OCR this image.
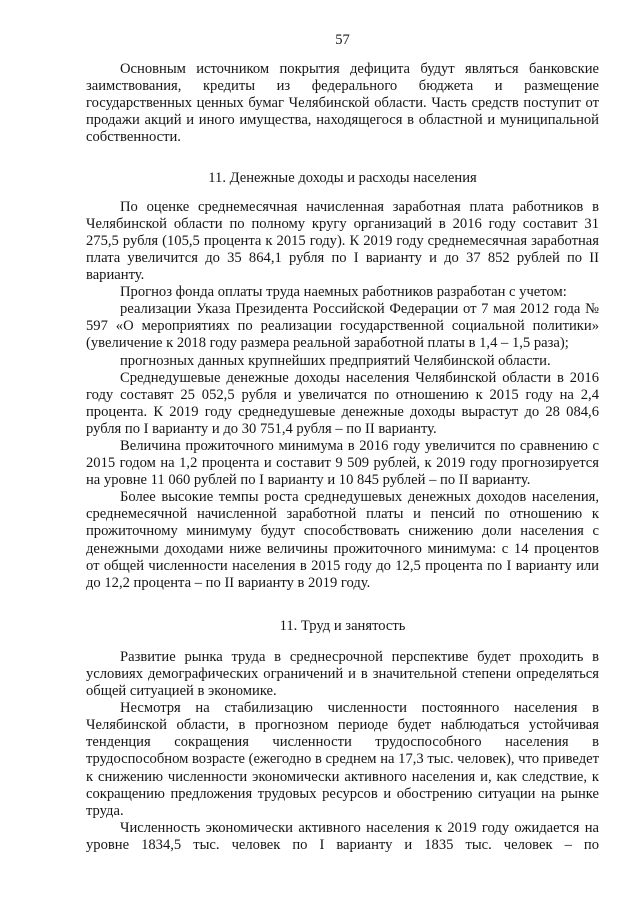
57

Основным источником покрытия дефицита будут являться банковские заимствования, кредиты из федерального бюджета и размещение государственных ценных бумаг Челябинской области. Часть средств поступит от продажи акций и иного имущества, находящегося в областной и муниципальной собственности.

11. Денежные доходы и расходы населения

По оценке среднемесячная начисленная заработная плата работников в Челябинской области по полному кругу организаций в 2016 году составит 31 275,5 рубля (105,5 процента к 2015 году). К 2019 году среднемесячная заработная плата увеличится до 35 864,1 рубля по I варианту и до 37 852 рублей по II варианту.

Прогноз фонда оплаты труда наемных работников разработан с учетом:

реализации Указа Президента Российской Федерации от 7 мая 2012 года № 597 «О мероприятиях по реализации государственной социальной политики» (увеличение к 2018 году размера реальной заработной платы в 1,4 – 1,5 раза);

прогнозных данных крупнейших предприятий Челябинской области.

Среднедушевые денежные доходы населения Челябинской области в 2016 году составят 25 052,5 рубля и увеличатся по отношению к 2015 году на 2,4 процента. К 2019 году среднедушевые денежные доходы вырастут до 28 084,6 рубля по I варианту и до 30 751,4 рубля – по II варианту.

Величина прожиточного минимума в 2016 году увеличится по сравнению с 2015 годом на 1,2 процента и составит 9 509 рублей, к 2019 году прогнозируется на уровне 11 060 рублей по I варианту и 10 845 рублей – по II варианту.

Более высокие темпы роста среднедушевых денежных доходов населения, среднемесячной начисленной заработной платы и пенсий по отношению к прожиточному минимуму будут способствовать снижению доли населения с денежными доходами ниже величины прожиточного минимума: с 14 процентов от общей численности населения в 2015 году до 12,5 процента по I варианту или до 12,2 процента – по II варианту в 2019 году.

11. Труд и занятость

Развитие рынка труда в среднесрочной перспективе будет проходить в условиях демографических ограничений и в значительной степени определяться общей ситуацией в экономике.

Несмотря на стабилизацию численности постоянного населения в Челябинской области, в прогнозном периоде будет наблюдаться устойчивая тенденция сокращения численности трудоспособного населения в трудоспособном возрасте (ежегодно в среднем на 17,3 тыс. человек), что приведет к снижению численности экономически активного населения и, как следствие, к сокращению предложения трудовых ресурсов и обострению ситуации на рынке труда.

Численность экономически активного населения к 2019 году ожидается на уровне 1834,5 тыс. человек по I варианту и 1835 тыс. человек – по
